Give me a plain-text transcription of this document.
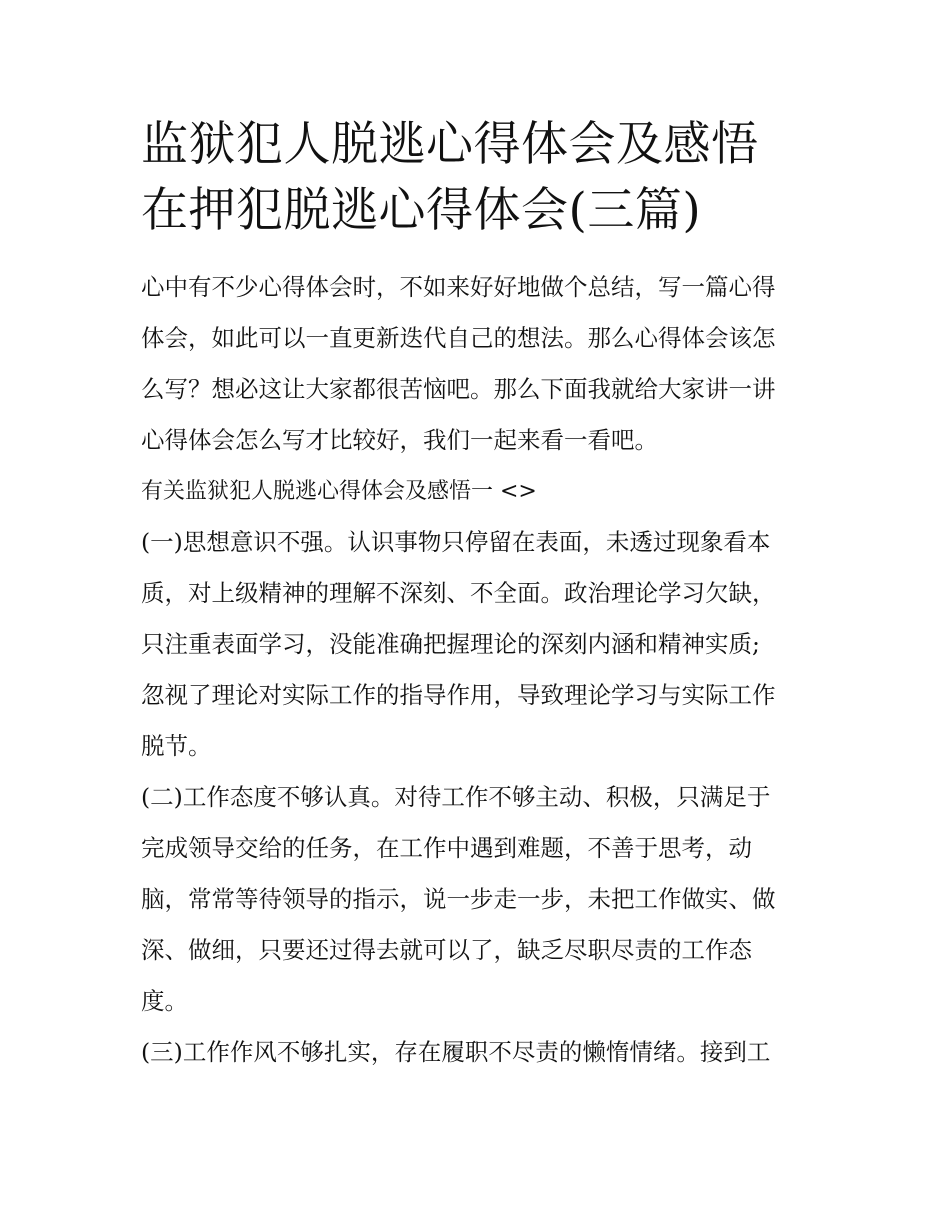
监狱犯人脱逃心得体会及感悟
在押犯脱逃心得体会(三篇)

心中有不少心得体会时，不如来好好地做个总结，写一篇心得
体会，如此可以一直更新迭代自己的想法。那么心得体会该怎
么写？想必这让大家都很苦恼吧。那么下面我就给大家讲一讲
心得体会怎么写才比较好，我们一起来看一看吧。

有关监狱犯人脱逃心得体会及感悟一 <>

(一)思想意识不强。认识事物只停留在表面，未透过现象看本
质，对上级精神的理解不深刻、不全面。政治理论学习欠缺，
只注重表面学习，没能准确把握理论的深刻内涵和精神实质;
忽视了理论对实际工作的指导作用，导致理论学习与实际工作
脱节。

(二)工作态度不够认真。对待工作不够主动、积极，只满足于
完成领导交给的任务，在工作中遇到难题，不善于思考，动
脑，常常等待领导的指示，说一步走一步，未把工作做实、做
深、做细，只要还过得去就可以了，缺乏尽职尽责的工作态
度。

(三)工作作风不够扎实，存在履职不尽责的懒惰情绪。接到工
